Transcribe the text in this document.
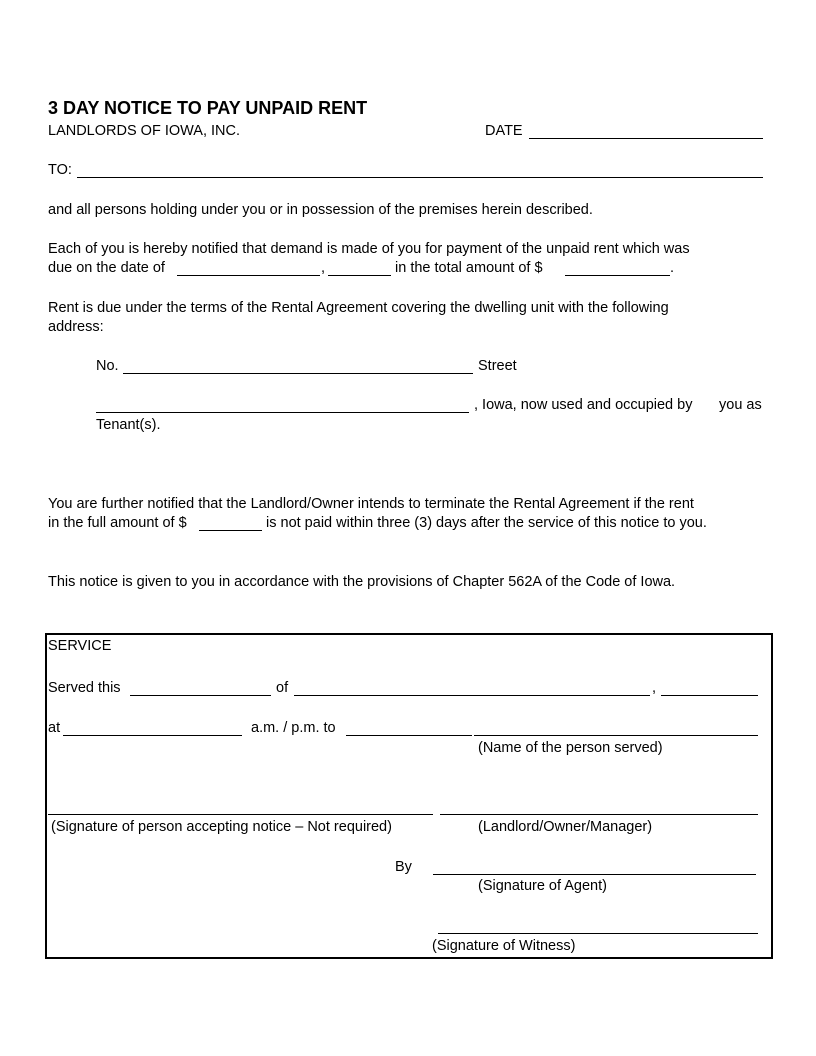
3 DAY NOTICE TO PAY UNPAID RENT
LANDLORDS OF IOWA, INC.	DATE
TO:
and all persons holding under you or in possession of the premises herein described.
Each of you is hereby notified that demand is made of you for payment of the unpaid rent which was
due on the date of	,	in the total amount of $	.
Rent is due under the terms of the Rental Agreement covering the dwelling unit with the following
address:
No.	Street
, Iowa, now used and occupied by you as
Tenant(s).
You are further notified that the Landlord/Owner intends to terminate the Rental Agreement if the rent
in the full amount of $	is not paid within three (3) days after the service of this notice to you.
This notice is given to you in accordance with the provisions of Chapter 562A of the Code of Iowa.
SERVICE
Served this	of	,
at	a.m. / p.m. to
(Name of the person served)
(Signature of person accepting notice – Not required)	(Landlord/Owner/Manager)
By
(Signature of Agent)
(Signature of Witness)
